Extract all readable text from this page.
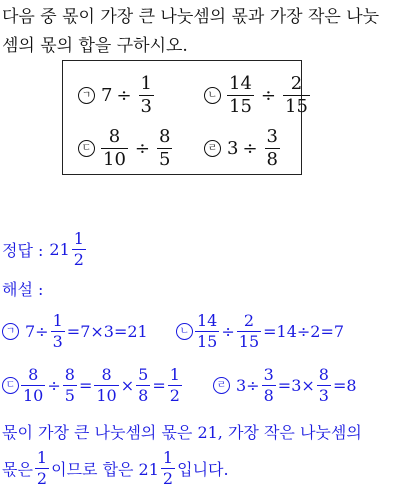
다음 중 몫이 가장 큰 나눗셈의 몫과 가장 작은 나눗
셈의 몫의 합을 구하시오.
ㄱ $7 \div \frac{1}{3}$	ㄴ $\frac{14}{15} \div \frac{2}{15}$
ㄷ $\frac{8}{10} \div \frac{8}{5}$	ㄹ $3 \div \frac{3}{8}$
정답 : $21 \frac{1}{2}$
해설 :
ㄱ $7\div \frac{1}{3} =7\times 3=21$	ㄴ $\frac{14}{15} \div \frac{2}{15} =14\div 2=7$
ㄷ $\frac{8}{10} \div \frac{8}{5} = \frac{8}{10} \times \frac{5}{8} = \frac{1}{2}$	ㄹ $3\div \frac{3}{8} =3\times \frac{8}{3} =8$
몫이 가장 큰 나눗셈의 몫은 21, 가장 작은 나눗셈의
몫은 $\frac{1}{2}$ 이므로 합은 $21 \frac{1}{2}$ 입니다.
